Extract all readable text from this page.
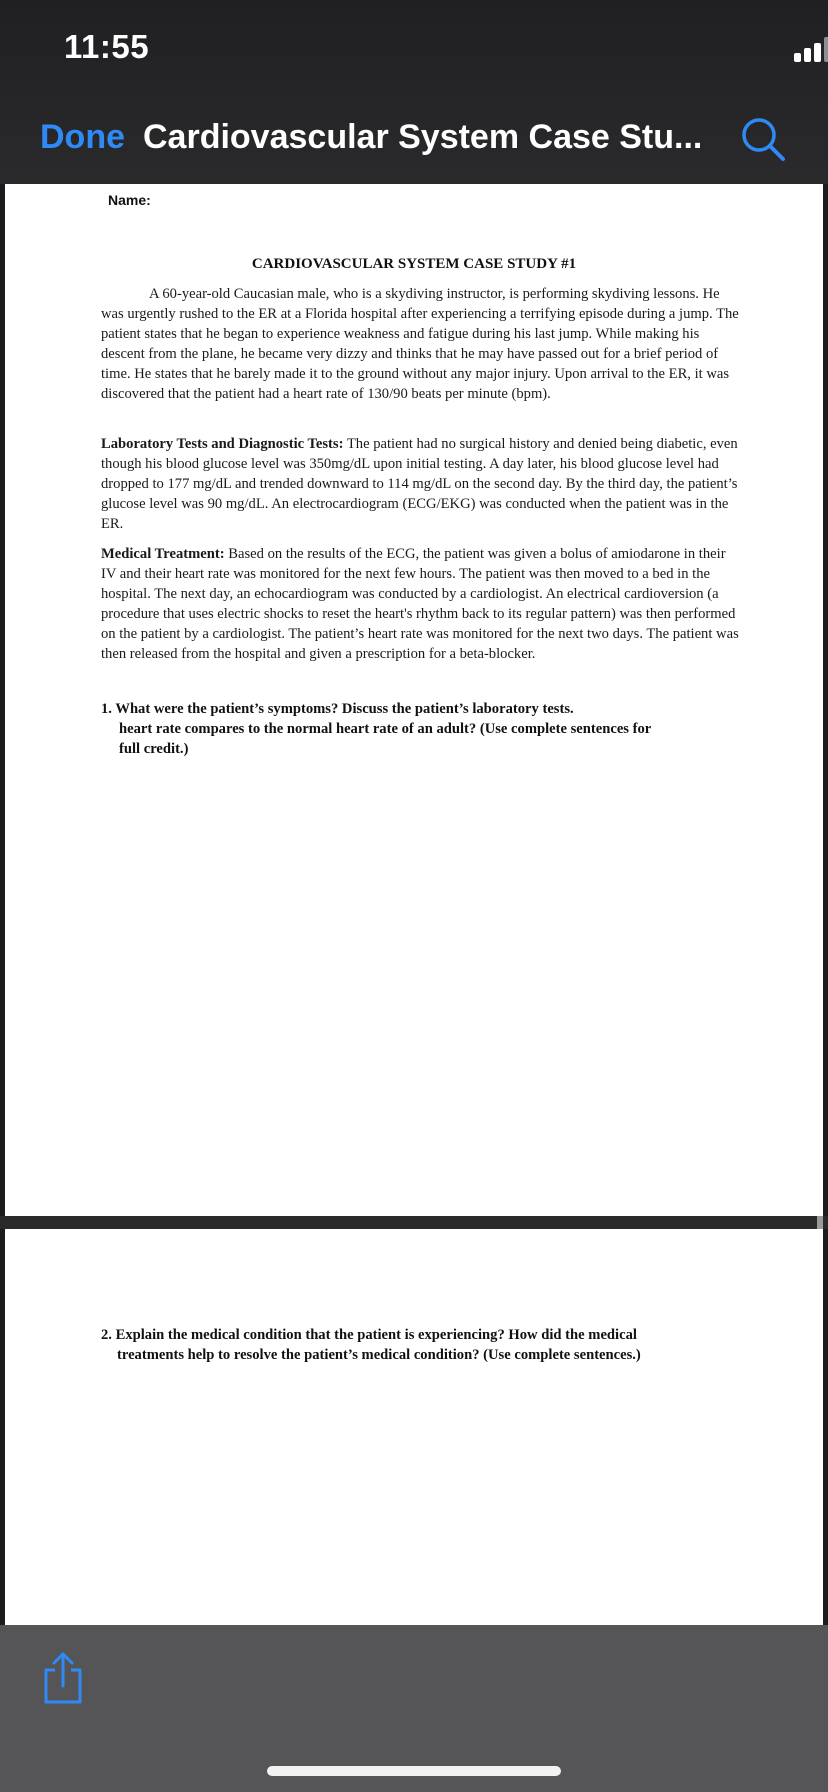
11:55
Done Cardiovascular System Case Stu...
Name:
CARDIOVASCULAR SYSTEM CASE STUDY #1

A 60-year-old Caucasian male, who is a skydiving instructor, is performing skydiving lessons. He was urgently rushed to the ER at a Florida hospital after experiencing a terrifying episode during a jump. The patient states that he began to experience weakness and fatigue during his last jump. While making his descent from the plane, he became very dizzy and thinks that he may have passed out for a brief period of time. He states that he barely made it to the ground without any major injury. Upon arrival to the ER, it was discovered that the patient had a heart rate of 130/90 beats per minute (bpm).

Laboratory Tests and Diagnostic Tests: The patient had no surgical history and denied being diabetic, even though his blood glucose level was 350mg/dL upon initial testing. A day later, his blood glucose level had dropped to 177 mg/dL and trended downward to 114 mg/dL on the second day. By the third day, the patient’s glucose level was 90 mg/dL. An electrocardiogram (ECG/EKG) was conducted when the patient was in the ER.

Medical Treatment: Based on the results of the ECG, the patient was given a bolus of amiodarone in their IV and their heart rate was monitored for the next few hours. The patient was then moved to a bed in the hospital. The next day, an echocardiogram was conducted by a cardiologist. An electrical cardioversion (a procedure that uses electric shocks to reset the heart's rhythm back to its regular pattern) was then performed on the patient by a cardiologist. The patient’s heart rate was monitored for the next two days. The patient was then released from the hospital and given a prescription for a beta-blocker.

1. What were the patient’s symptoms? Discuss the patient’s laboratory tests.
heart rate compares to the normal heart rate of an adult? (Use complete sentences for
full credit.)
2. Explain the medical condition that the patient is experiencing? How did the medical
treatments help to resolve the patient’s medical condition? (Use complete sentences.)
